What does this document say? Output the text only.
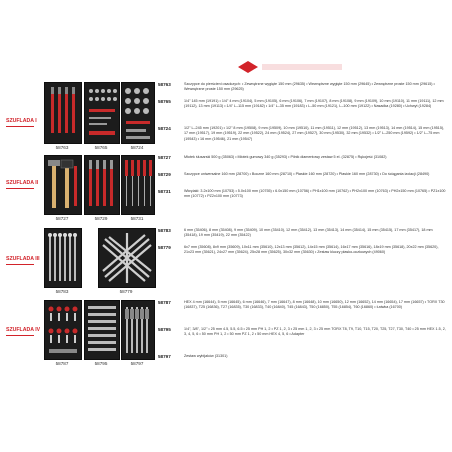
SZUFLADA I
SZUFLADA II
SZUFLADA III
SZUFLADA IV
58763	58765	58724
58727	58729	58731
58783	58779
58787	58795	58797
58763	Szczypce do pierścieni osadczych: • Zewnętrzne wygięte 150 mm (29635) • Wewnętrzne wygięte 150 mm (29645) • Zewnętrzne proste 150 mm (29615) • Wewnętrzne proste 150 mm (29625)
58765	1/4" 145 mm (19191) • 1/4" 4 mm (19104), 5 mm (19105), 6 mm (19106), 7 mm (19107), 8 mm (19108), 9 mm (19109), 10 mm (19110), 11 mm (19111), 12 mm (19112), 13 mm (19113) • 1/4" L–115 mm (19182) • 1/4" L–35 mm (19183) • L–50 mm (19121), L–100 mm (19122) • Nasadka (19280) • Uchwyt (19284)
58724	1/2" L–245 mm (19201) • 1/2" 8 mm (19508), 9 mm (19509), 10 mm (19510), 11 mm (19511), 12 mm (19512), 13 mm (19513), 14 mm (19514), 15 mm (19515), 17 mm (19517), 19 mm (19519), 22 mm (19522), 24 mm (19524), 27 mm (19527), 30 mm (19530), 32 mm (19532) • 1/2" L–250 mm (19592) • 1/2" L–75 mm (19543) • 16 mm (19546), 21 mm (19547)
58727	Młotek ślusarski 500 g (35063) • Młotek gumowy 340 g (35293) • Pilnik diamentowy zestaw 5 el. (32875) • Rękojeść (31082)
58729	Szczypce uniwersalne 160 mm (28700) • Boczne 160 mm (28710) • Płaskie 160 mm (28720) • Płaskie 160 mm (28730) • Do ściągania izolacji (28490)
58731	Wkrętaki: 3.2x100 mm (10753) • 5.0x100 mm (10755) • 6.0x150 mm (10756) • PH1x100 mm (10762) • PH2x100 mm (10763) • PH2x150 mm (10765) • PZ1x100 mm (10772) • PZ2x100 mm (10773)
58783	6 mm (35406), 8 mm (35408), 9 mm (35409), 10 mm (35410), 12 mm (35412), 13 mm (35413), 14 mm (35414), 15 mm (35415), 17 mm (35417), 18 mm (35418), 19 mm (35419), 22 mm (35422)
58779	6x7 mm (35608), 8x9 mm (35609), 10x11 mm (35610), 12x13 mm (35612), 14x15 mm (35614), 16x17 mm (35616), 18x19 mm (35618), 20x22 mm (35620), 21x23 mm (35621), 24x27 mm (35624), 25x28 mm (35625), 30x32 mm (35630) • Zestaw kluczy płasko-oczkowych (49060)
58787	HEX 4 mm (16644), 5 mm (16645), 6 mm (16646), 7 mm (16647), 8 mm (16648), 10 mm (16650), 12 mm (16652), 14 mm (16654), 17 mm (16657) • TORX T30 (16837), T25 (16836), T27 (16835), T30 (16833), T40 (16840), T45 (16843), T50 (16850), T55 (16854), T60 (16860) • Łatwka (16700)
58795	1/4", 3/8", 1/2" • 25 mm 4.5, 5.5, 6.5 • 25 mm PH 1, 2 • PZ 1, 2, 3 • 25 mm 1, 2, 3 • 25 mm TORX T8, T9, T10, T15, T20, T25, T27, T30, T40 • 25 mm HEX 1.5, 2, 3, 4, 5, 6 • 50 mm PH 1, 2 • 50 mm PZ 1, 2 • 50 mm HEX 4, 5, 6 • Adapter
58797	Zestaw wybijaków (31301)
